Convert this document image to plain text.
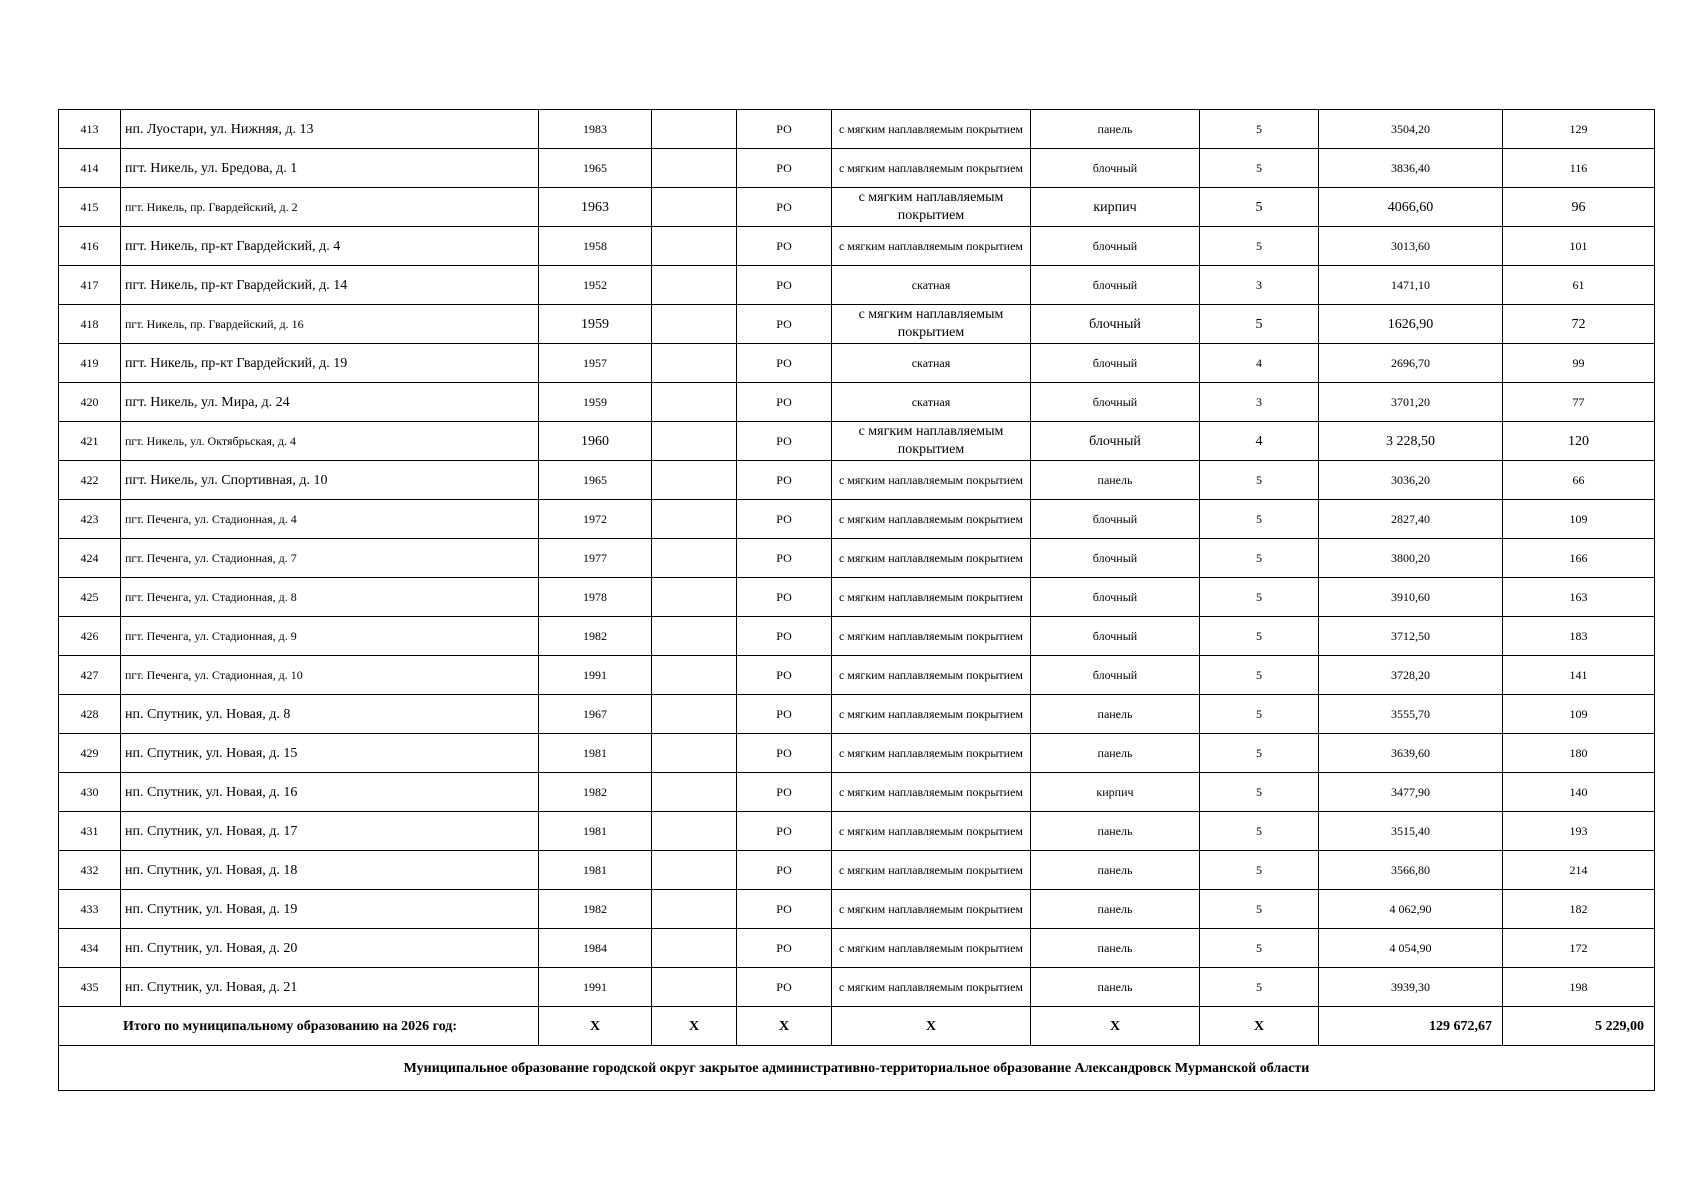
413	нп. Луостари, ул. Нижняя, д. 13	1983		РО	с мягким наплавляемым покрытием	панель	5	3504,20	129
414	пгт. Никель, ул. Бредова, д. 1	1965		РО	с мягким наплавляемым покрытием	блочный	5	3836,40	116
415	пгт. Никель, пр. Гвардейский, д. 2	1963		РО	с мягким наплавляемым покрытием	кирпич	5	4066,60	96
416	пгт. Никель, пр-кт Гвардейский, д. 4	1958		РО	с мягким наплавляемым покрытием	блочный	5	3013,60	101
417	пгт. Никель, пр-кт Гвардейский, д. 14	1952		РО	скатная	блочный	3	1471,10	61
418	пгт. Никель, пр. Гвардейский, д. 16	1959		РО	с мягким наплавляемым покрытием	блочный	5	1626,90	72
419	пгт. Никель, пр-кт Гвардейский, д. 19	1957		РО	скатная	блочный	4	2696,70	99
420	пгт. Никель, ул. Мира, д. 24	1959		РО	скатная	блочный	3	3701,20	77
421	пгт. Никель, ул. Октябрьская, д. 4	1960		РО	с мягким наплавляемым покрытием	блочный	4	3 228,50	120
422	пгт. Никель, ул. Спортивная, д. 10	1965		РО	с мягким наплавляемым покрытием	панель	5	3036,20	66
423	пгт. Печенга, ул. Стадионная, д. 4	1972		РО	с мягким наплавляемым покрытием	блочный	5	2827,40	109
424	пгт. Печенга, ул. Стадионная, д. 7	1977		РО	с мягким наплавляемым покрытием	блочный	5	3800,20	166
425	пгт. Печенга, ул. Стадионная, д. 8	1978		РО	с мягким наплавляемым покрытием	блочный	5	3910,60	163
426	пгт. Печенга, ул. Стадионная, д. 9	1982		РО	с мягким наплавляемым покрытием	блочный	5	3712,50	183
427	пгт. Печенга, ул. Стадионная, д. 10	1991		РО	с мягким наплавляемым покрытием	блочный	5	3728,20	141
428	нп. Спутник, ул. Новая, д. 8	1967		РО	с мягким наплавляемым покрытием	панель	5	3555,70	109
429	нп. Спутник, ул. Новая, д. 15	1981		РО	с мягким наплавляемым покрытием	панель	5	3639,60	180
430	нп. Спутник, ул. Новая, д. 16	1982		РО	с мягким наплавляемым покрытием	кирпич	5	3477,90	140
431	нп. Спутник, ул. Новая, д. 17	1981		РО	с мягким наплавляемым покрытием	панель	5	3515,40	193
432	нп. Спутник, ул. Новая, д. 18	1981		РО	с мягким наплавляемым покрытием	панель	5	3566,80	214
433	нп. Спутник, ул. Новая, д. 19	1982		РО	с мягким наплавляемым покрытием	панель	5	4 062,90	182
434	нп. Спутник, ул. Новая, д. 20	1984		РО	с мягким наплавляемым покрытием	панель	5	4 054,90	172
435	нп. Спутник, ул. Новая, д. 21	1991		РО	с мягким наплавляемым покрытием	панель	5	3939,30	198
Итого по муниципальному образованию на 2026 год:		X	X	X	X	X	X	129 672,67	5 229,00
Муниципальное образование городской округ закрытое административно-территориальное образование Александровск Мурманской области									
